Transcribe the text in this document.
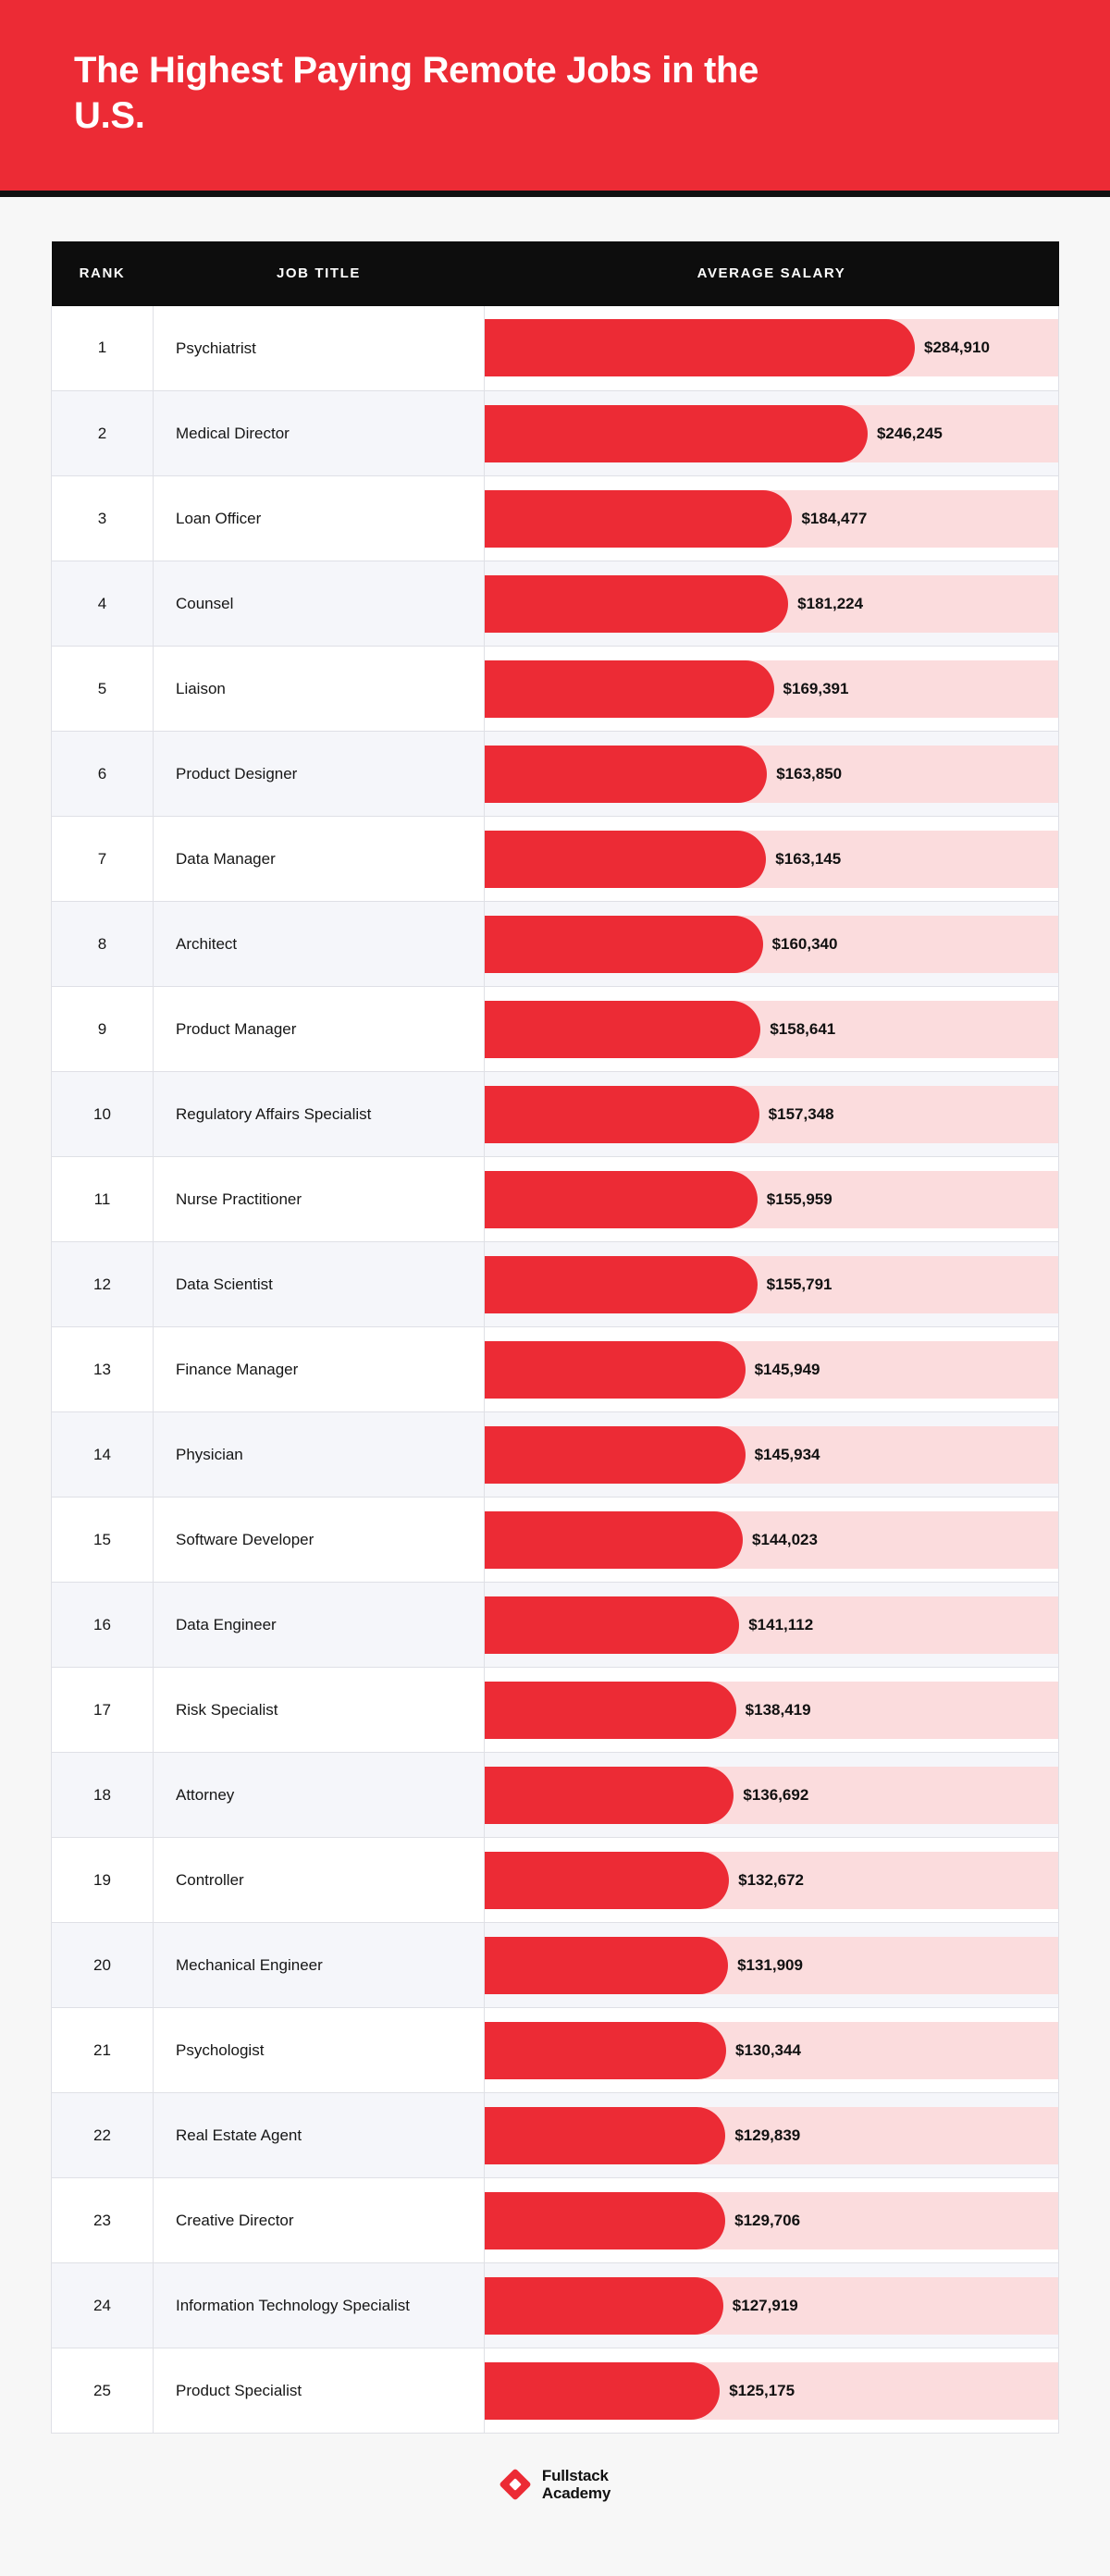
The Highest Paying Remote Jobs in the U.S.
RANK	JOB TITLE	AVERAGE SALARY
1	Psychiatrist	$284,910

2	Medical Director	$246,245

3	Loan Officer	$184,477

4	Counsel	$181,224

5	Liaison	$169,391

6	Product Designer	$163,850

7	Data Manager	$163,145

8	Architect	$160,340

9	Product Manager	$158,641

10	Regulatory Affairs Specialist	$157,348

11	Nurse Practitioner	$155,959

12	Data Scientist	$155,791

13	Finance Manager	$145,949

14	Physician	$145,934

15	Software Developer	$144,023

16	Data Engineer	$141,112

17	Risk Specialist	$138,419

18	Attorney	$136,692

19	Controller	$132,672

20	Mechanical Engineer	$131,909

21	Psychologist	$130,344

22	Real Estate Agent	$129,839

23	Creative Director	$129,706

24	Information Technology Specialist	$127,919

25	Product Specialist	$125,175
Fullstack
Academy
